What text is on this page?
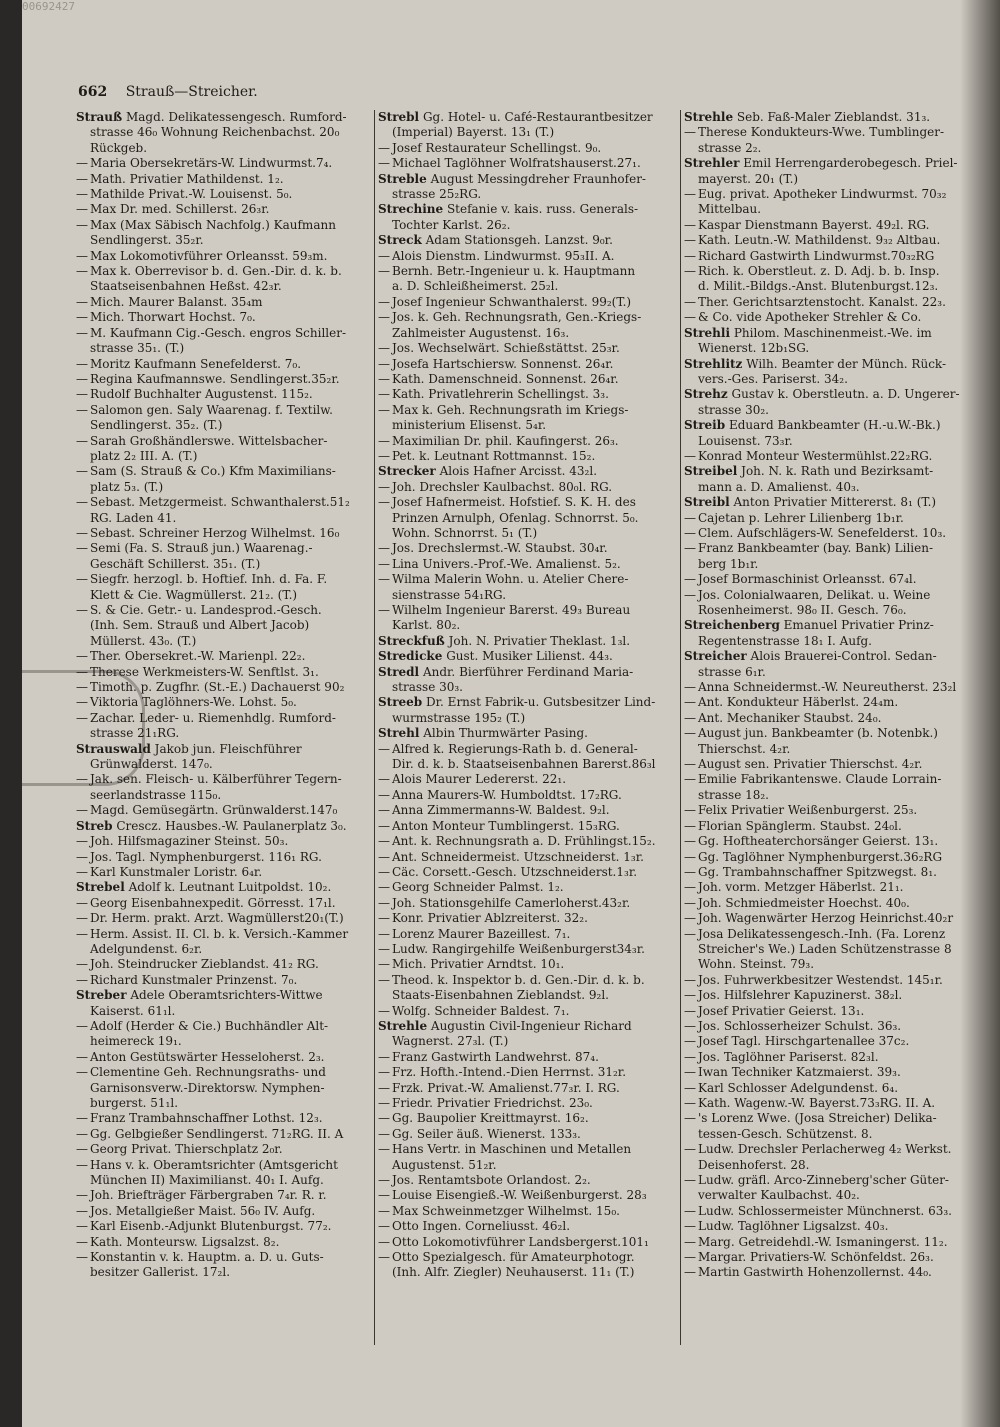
00692427
662 Strauß—Streicher.
Strauß Magd. Delikatessengesch. Rumford-
strasse 46₀ Wohnung Reichenbachst. 20₀
Rückgeb.
— Maria Obersekretärs-W. Lindwurmst.7₄.
— Math. Privatier Mathildenst. 1₂.
— Mathilde Privat.-W. Louisenst. 5₀.
— Max Dr. med. Schillerst. 26₃r.
— Max (Max Säbisch Nachfolg.) Kaufmann
Sendlingerst. 35₂r.
— Max Lokomotivführer Orleansst. 59₃m.
— Max k. Oberrevisor b. d. Gen.-Dir. d. k. b.
Staatseisenbahnen Heßst. 42₃r.
— Mich. Maurer Balanst. 35₄m
— Mich. Thorwart Hochst. 7₀.
— M. Kaufmann Cig.-Gesch. engros Schiller-
strasse 35₁. (T.)
— Moritz Kaufmann Senefelderst. 7₀.
— Regina Kaufmannswe. Sendlingerst.35₂r.
— Rudolf Buchhalter Augustenst. 115₂.
— Salomon gen. Saly Waarenag. f. Textilw.
Sendlingerst. 35₂. (T.)
— Sarah Großhändlerswe. Wittelsbacher-
platz 2₂ III. A. (T.)
— Sam (S. Strauß & Co.) Kfm Maximilians-
platz 5₃. (T.)
— Sebast. Metzgermeist. Schwanthalerst.51₂
RG. Laden 41.
— Sebast. Schreiner Herzog Wilhelmst. 16₀
— Semi (Fa. S. Strauß jun.) Waarenag.-
Geschäft Schillerst. 35₁. (T.)
— Siegfr. herzogl. b. Hoftief. Inh. d. Fa. F.
Klett & Cie. Wagmüllerst. 21₂. (T.)
— S. & Cie. Getr.- u. Landesprod.-Gesch.
(Inh. Sem. Strauß und Albert Jacob)
Müllerst. 43₀. (T.)
— Ther. Obersekret.-W. Marienpl. 22₂.
— Therese Werkmeisters-W. Senftlst. 3₁.
— Timoth. p. Zugfhr. (St.-E.) Dachauerst 90₂
— Viktoria Taglöhners-We. Lohst. 5₀.
— Zachar. Leder- u. Riemenhdlg. Rumford-
strasse 21₁RG.
Strauswald Jakob jun. Fleischführer
Grünwalderst. 147₀.
— Jak. sen. Fleisch- u. Kälberführer Tegern-
seerlandstrasse 115₀.
— Magd. Gemüsegärtn. Grünwalderst.147₀
Streb Crescz. Hausbes.-W. Paulanerplatz 3₀.
— Joh. Hilfsmagaziner Steinst. 50₃.
— Jos. Tagl. Nymphenburgerst. 116₁ RG.
— Karl Kunstmaler Loristr. 6₄r.
Strebel Adolf k. Leutnant Luitpoldst. 10₂.
— Georg Eisenbahnexpedit. Görresst. 17₁l.
— Dr. Herm. prakt. Arzt. Wagmüllerst20₁(T.)
— Herm. Assist. II. Cl. b. k. Versich.-Kammer
Adelgundenst. 6₂r.
— Joh. Steindrucker Zieblandst. 41₂ RG.
— Richard Kunstmaler Prinzenst. 7₀.
Streber Adele Oberamtsrichters-Wittwe
Kaiserst. 61₁l.
— Adolf (Herder & Cie.) Buchhändler Alt-
heimereck 19₁.
— Anton Gestütswärter Hesseloherst. 2₃.
— Clementine Geh. Rechnungsraths- und
Garnisonsverw.-Direktorsw. Nymphen-
burgerst. 51₁l.
— Franz Trambahnschaffner Lothst. 12₃.
— Gg. Gelbgießer Sendlingerst. 71₂RG. II. A
— Georg Privat. Thierschplatz 2₀r.
— Hans v. k. Oberamtsrichter (Amtsgericht
München II) Maximilianst. 40₁ I. Aufg.
— Joh. Briefträger Färbergraben 7₄r. R. r.
— Jos. Metallgießer Maist. 56₀ IV. Aufg.
— Karl Eisenb.-Adjunkt Blutenburgst. 77₂.
— Kath. Monteursw. Ligsalzst. 8₂.
— Konstantin v. k. Hauptm. a. D. u. Guts-
besitzer Gallerist. 17₂l.
Strebl Gg. Hotel- u. Café-Restaurantbesitzer
(Imperial) Bayerst. 13₁ (T.)
— Josef Restaurateur Schellingst. 9₀.
— Michael Taglöhner Wolfratshauserst.27₁.
Streble August Messingdreher Fraunhofer-
strasse 25₂RG.
Strechine Stefanie v. kais. russ. Generals-
Tochter Karlst. 26₂.
Streck Adam Stationsgeh. Lanzst. 9₀r.
— Alois Dienstm. Lindwurmst. 95₃II. A.
— Bernh. Betr.-Ingenieur u. k. Hauptmann
a. D. Schleißheimerst. 25₂l.
— Josef Ingenieur Schwanthalerst. 99₂(T.)
— Jos. k. Geh. Rechnungsrath, Gen.-Kriegs-
Zahlmeister Augustenst. 16₃.
— Jos. Wechselwärt. Schießstättst. 25₃r.
— Josefa Hartschiersw. Sonnenst. 26₄r.
— Kath. Damenschneid. Sonnenst. 26₄r.
— Kath. Privatlehrerin Schellingst. 3₃.
— Max k. Geh. Rechnungsrath im Kriegs-
ministerium Elisenst. 5₄r.
— Maximilian Dr. phil. Kaufingerst. 26₃.
— Pet. k. Leutnant Rottmannst. 15₂.
Strecker Alois Hafner Arcisst. 43₂l.
— Joh. Drechsler Kaulbachst. 80₀l. RG.
— Josef Hafnermeist. Hofstief. S. K. H. des
Prinzen Arnulph, Ofenlag. Schnorrst. 5₀.
Wohn. Schnorrst. 5₁ (T.)
— Jos. Drechslermst.-W. Staubst. 30₄r.
— Lina Univers.-Prof.-We. Amalienst. 5₂.
— Wilma Malerin Wohn. u. Atelier Chere-
sienstrasse 54₁RG.
— Wilhelm Ingenieur Barerst. 49₃ Bureau
Karlst. 80₂.
Streckfuß Joh. N. Privatier Theklast. 1₃l.
Stredicke Gust. Musiker Lilienst. 44₃.
Stredl Andr. Bierführer Ferdinand Maria-
strasse 30₃.
Streeb Dr. Ernst Fabrik-u. Gutsbesitzer Lind-
wurmstrasse 195₂ (T.)
Strehl Albin Thurmwärter Pasing.
— Alfred k. Regierungs-Rath b. d. General-
Dir. d. k. b. Staatseisenbahnen Barerst.86₃l
— Alois Maurer Ledererst. 22₁.
— Anna Maurers-W. Humboldtst. 17₂RG.
— Anna Zimmermanns-W. Baldest. 9₂l.
— Anton Monteur Tumblingerst. 15₃RG.
— Ant. k. Rechnungsrath a. D. Frühlingst.15₂.
— Ant. Schneidermeist. Utzschneiderst. 1₃r.
— Cäc. Corsett.-Gesch. Utzschneiderst.1₃r.
— Georg Schneider Palmst. 1₂.
— Joh. Stationsgehilfe Camerloherst.43₂r.
— Konr. Privatier Ablzreiterst. 32₂.
— Lorenz Maurer Bazeillest. 7₁.
— Ludw. Rangirgehilfe Weißenburgerst34₃r.
— Mich. Privatier Arndtst. 10₁.
— Theod. k. Inspektor b. d. Gen.-Dir. d. k. b.
Staats-Eisenbahnen Zieblandst. 9₂l.
— Wolfg. Schneider Baldest. 7₁.
Strehle Augustin Civil-Ingenieur Richard
Wagnerst. 27₃l. (T.)
— Franz Gastwirth Landwehrst. 87₄.
— Frz. Hofth.-Intend.-Dien Herrnst. 31₂r.
— Frzk. Privat.-W. Amalienst.77₃r. I. RG.
— Friedr. Privatier Friedrichst. 23₀.
— Gg. Baupolier Kreittmayrst. 16₂.
— Gg. Seiler äuß. Wienerst. 133₃.
— Hans Vertr. in Maschinen und Metallen
Augustenst. 51₂r.
— Jos. Rentamtsbote Orlandost. 2₂.
— Louise Eisengieß.-W. Weißenburgerst. 28₃
— Max Schweinmetzger Wilhelmst. 15₀.
— Otto Ingen. Corneliusst. 46₂l.
— Otto Lokomotivführer Landsbergerst.101₁
— Otto Spezialgesch. für Amateurphotogr.
(Inh. Alfr. Ziegler) Neuhauserst. 11₁ (T.)
Strehle Seb. Faß-Maler Zieblandst. 31₃.
— Therese Kondukteurs-Wwe. Tumblinger-
strasse 2₂.
Strehler Emil Herrengarderobegesch. Priel-
mayerst. 20₁ (T.)
— Eug. privat. Apotheker Lindwurmst. 70₃₂
Mittelbau.
— Kaspar Dienstmann Bayerst. 49₂l. RG.
— Kath. Leutn.-W. Mathildenst. 9₃₂ Altbau.
— Richard Gastwirth Lindwurmst.70₃₂RG
— Rich. k. Oberstleut. z. D. Adj. b. b. Insp.
d. Milit.-Bildgs.-Anst. Blutenburgst.12₃.
— Ther. Gerichtsarztenstocht. Kanalst. 22₃.
— & Co. vide Apotheker Strehler & Co.
Strehli Philom. Maschinenmeist.-We. im
Wienerst. 12b₁SG.
Strehlitz Wilh. Beamter der Münch. Rück-
vers.-Ges. Pariserst. 34₂.
Strehz Gustav k. Oberstleutn. a. D. Ungerer-
strasse 30₂.
Streib Eduard Bankbeamter (H.-u.W.-Bk.)
Louisenst. 73₃r.
— Konrad Monteur Westermühlst.22₂RG.
Streibel Joh. N. k. Rath und Bezirksamt-
mann a. D. Amalienst. 40₃.
Streibl Anton Privatier Mittererst. 8₁ (T.)
— Cajetan p. Lehrer Lilienberg 1b₁r.
— Clem. Aufschlägers-W. Senefelderst. 10₃.
— Franz Bankbeamter (bay. Bank) Lilien-
berg 1b₁r.
— Josef Bormaschinist Orleansst. 67₄l.
— Jos. Colonialwaaren, Delikat. u. Weine
Rosenheimerst. 98₀ II. Gesch. 76₀.
Streichenberg Emanuel Privatier Prinz-
Regentenstrasse 18₁ I. Aufg.
Streicher Alois Brauerei-Control. Sedan-
strasse 6₁r.
— Anna Schneidermst.-W. Neureutherst. 23₂l
— Ant. Kondukteur Häberlst. 24₄m.
— Ant. Mechaniker Staubst. 24₀.
— August jun. Bankbeamter (b. Notenbk.)
Thierschst. 4₂r.
— August sen. Privatier Thierschst. 4₂r.
— Emilie Fabrikantenswe. Claude Lorrain-
strasse 18₂.
— Felix Privatier Weißenburgerst. 25₃.
— Florian Spänglerm. Staubst. 24₀l.
— Gg. Hoftheaterchorsänger Geierst. 13₁.
— Gg. Taglöhner Nymphenburgerst.36₂RG
— Gg. Trambahnschaffner Spitzwegst. 8₁.
— Joh. vorm. Metzger Häberlst. 21₁.
— Joh. Schmiedmeister Hoechst. 40₀.
— Joh. Wagenwärter Herzog Heinrichst.40₂r
— Josa Delikatessengesch.-Inh. (Fa. Lorenz
Streicher's We.) Laden Schützenstrasse 8
Wohn. Steinst. 79₃.
— Jos. Fuhrwerkbesitzer Westendst. 145₁r.
— Jos. Hilfslehrer Kapuzinerst. 38₂l.
— Josef Privatier Geierst. 13₁.
— Jos. Schlosserheizer Schulst. 36₃.
— Josef Tagl. Hirschgartenallee 37c₂.
— Jos. Taglöhner Pariserst. 82₃l.
— Iwan Techniker Katzmaierst. 39₃.
— Karl Schlosser Adelgundenst. 6₄.
— Kath. Wagenw.-W. Bayerst.73₃RG. II. A.
— 's Lorenz Wwe. (Josa Streicher) Delika-
tessen-Gesch. Schützenst. 8.
— Ludw. Drechsler Perlacherweg 4₂ Werkst.
Deisenhoferst. 28.
— Ludw. gräfl. Arco-Zinneberg'scher Güter-
verwalter Kaulbachst. 40₂.
— Ludw. Schlossermeister Münchnerst. 63₃.
— Ludw. Taglöhner Ligsalzst. 40₃.
— Marg. Getreidehdl.-W. Ismaningerst. 11₂.
— Margar. Privatiers-W. Schönfeldst. 26₃.
— Martin Gastwirth Hohenzollernst. 44₀.
